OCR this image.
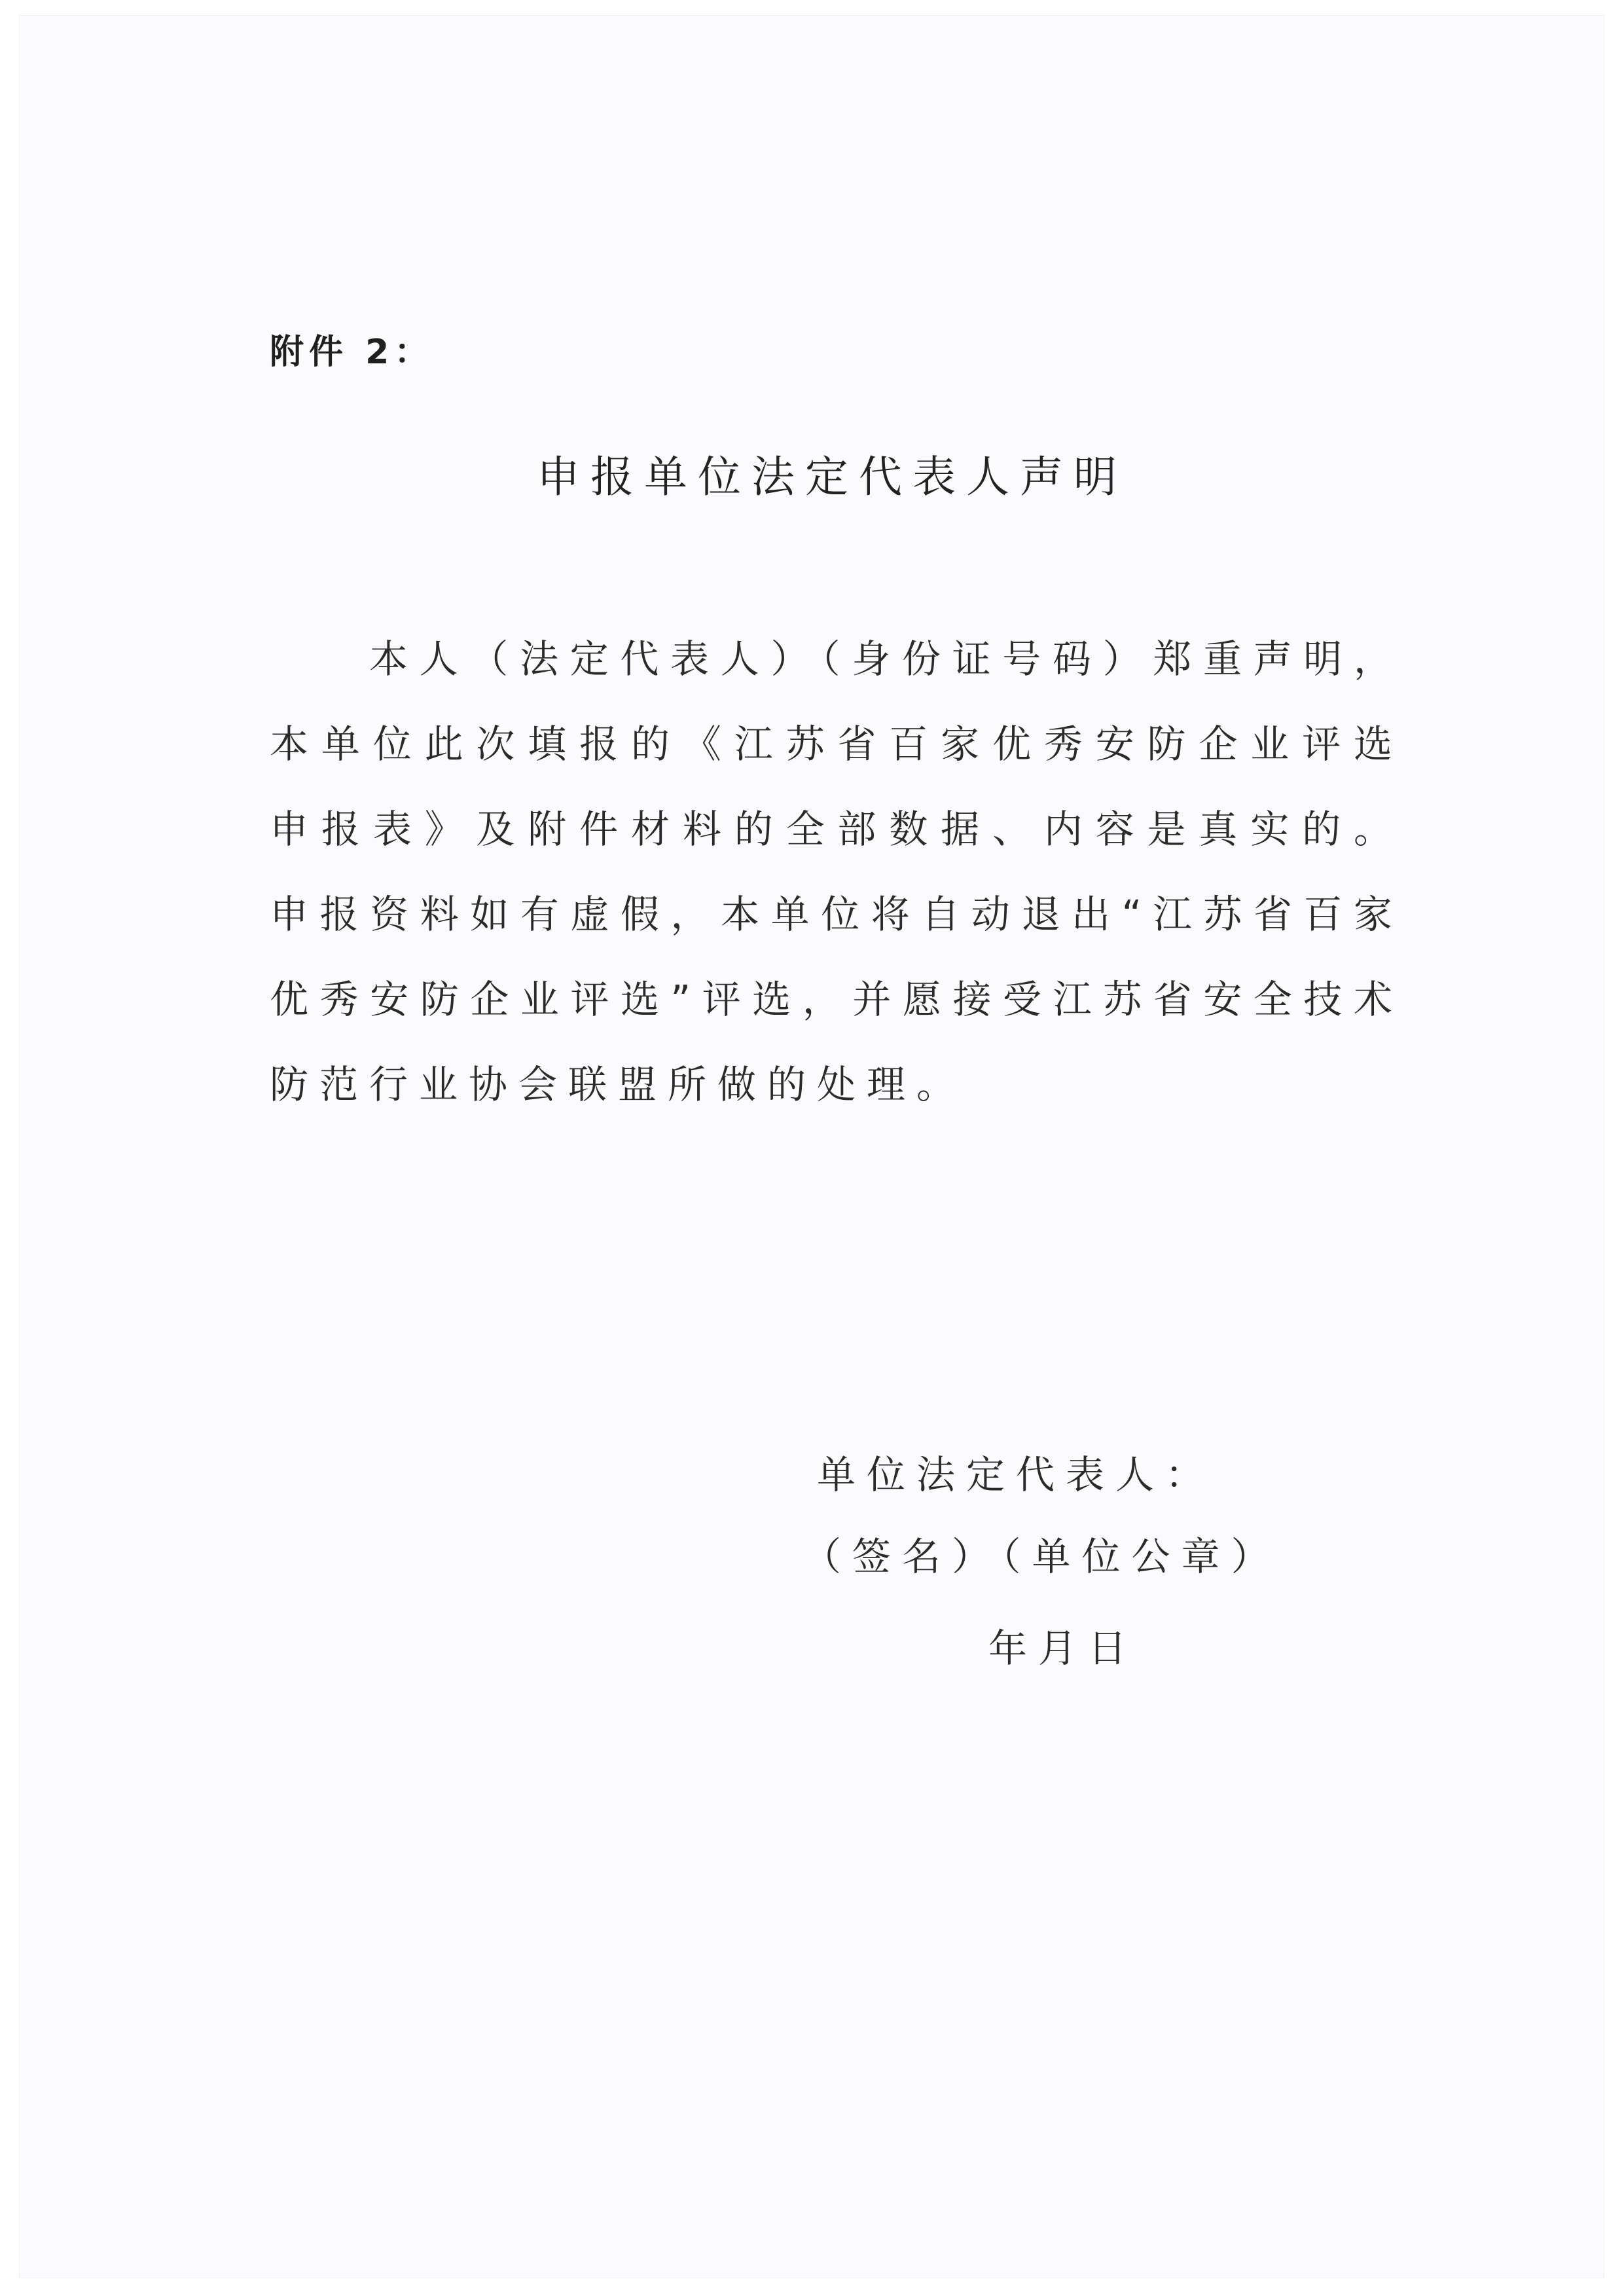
附件 2：
申报单位法定代表人声明

本人（法定代表人）（身份证号码）郑重声明，本单位此次填报的《江苏省百家优秀安防企业评选申报表》及附件材料的全部数据、内容是真实的。申报资料如有虚假，本单位将自动退出“江苏省百家优秀安防企业评选”评选，并愿接受江苏省安全技术防范行业协会联盟所做的处理。

单位法定代表人：
（签名）（单位公章）
年月日
